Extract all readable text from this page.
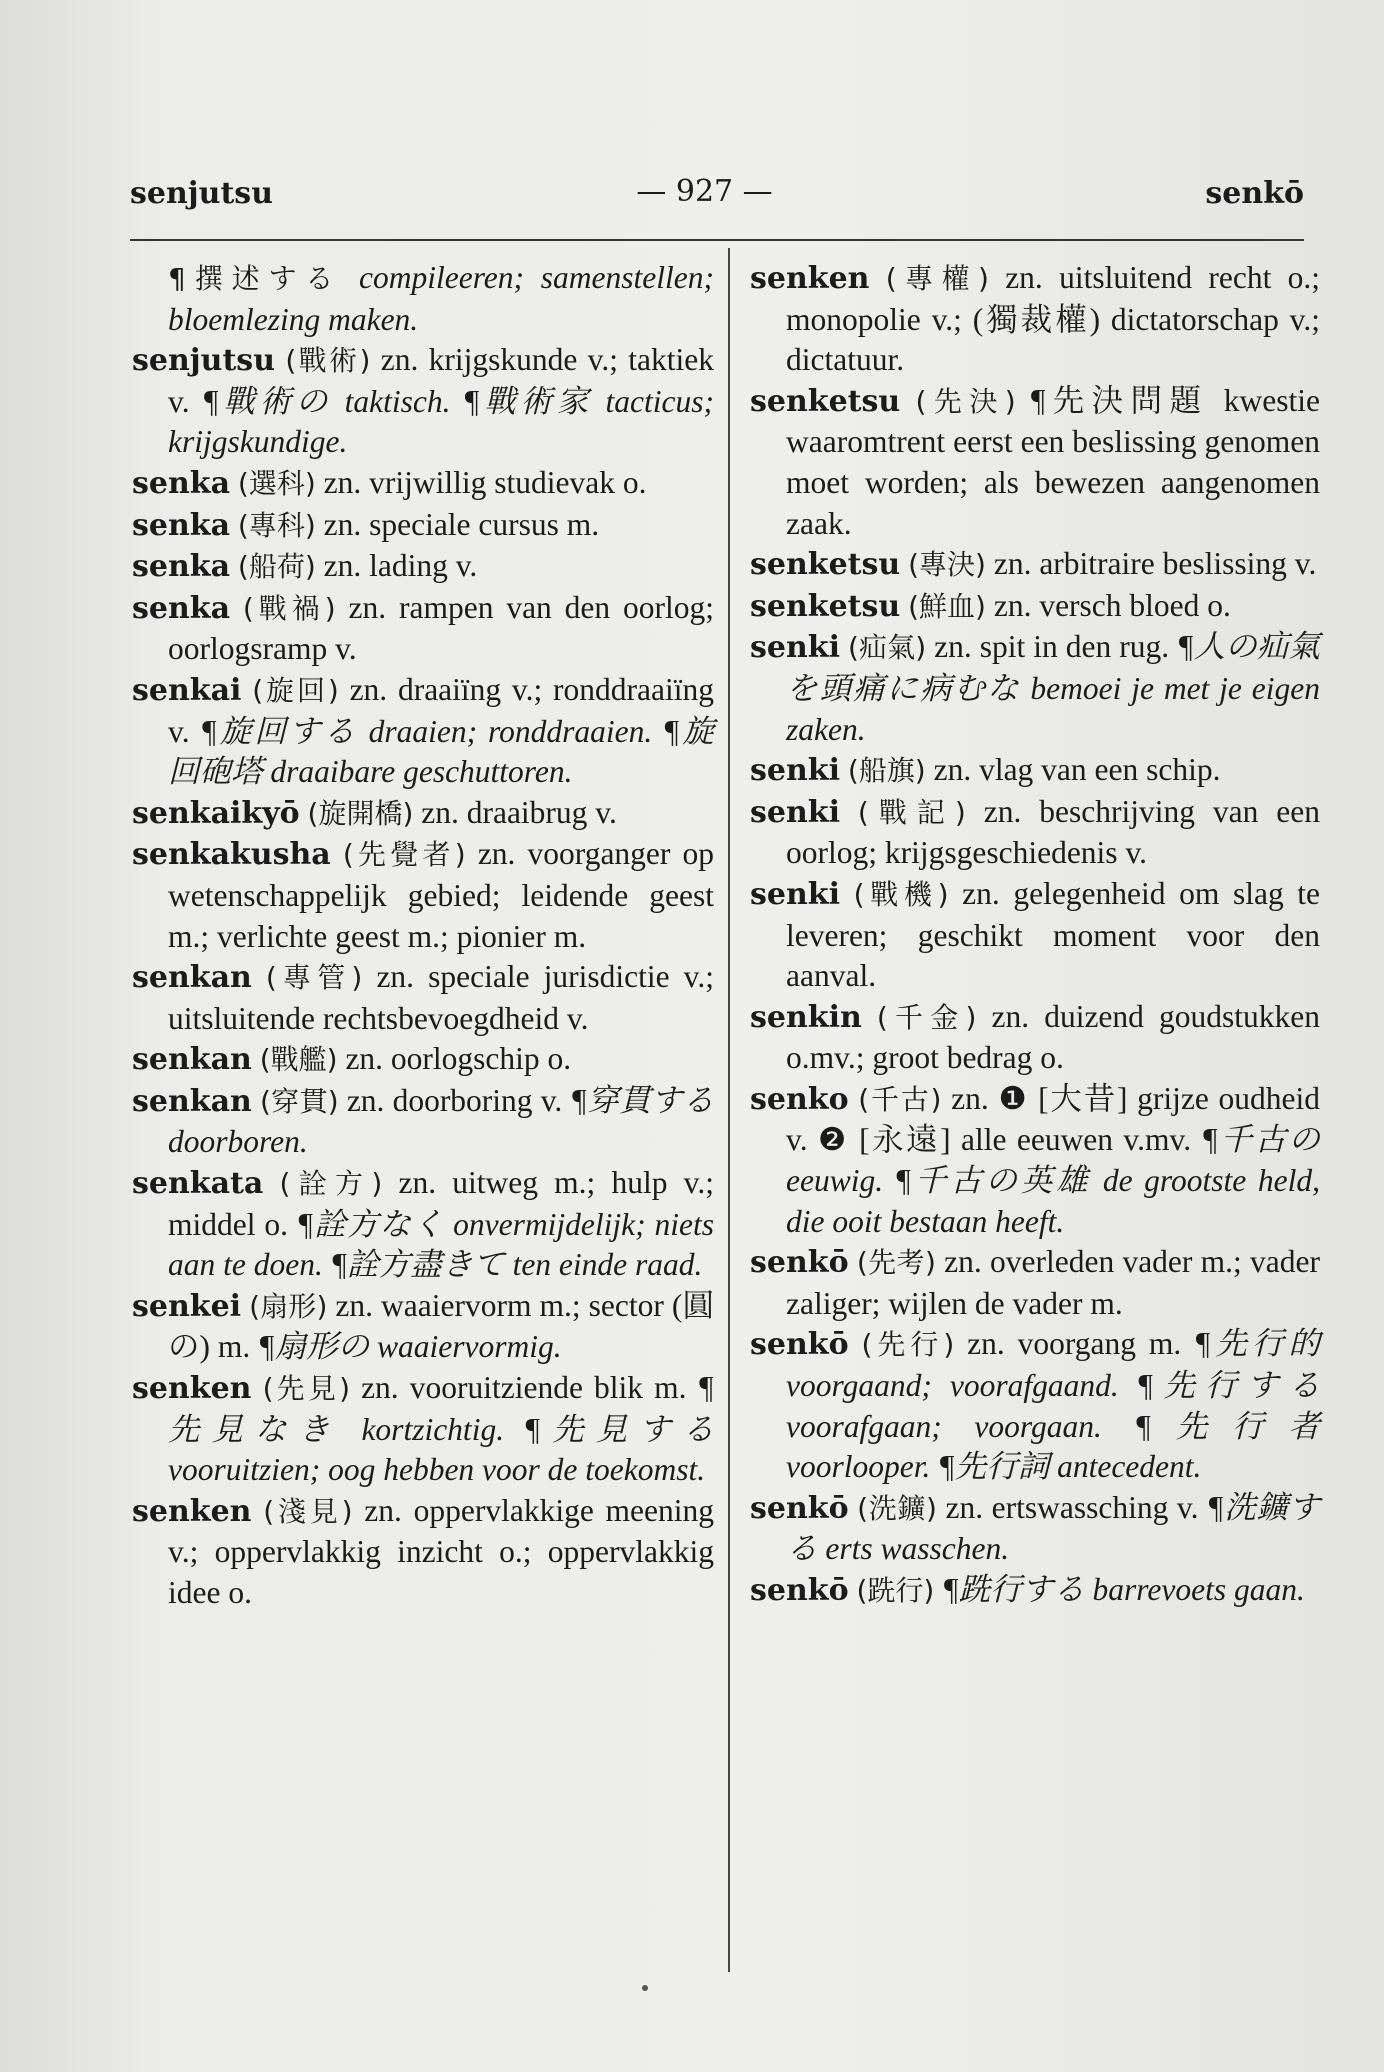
senjutsu	— 927 —	senkō
¶撰述する compileeren; samenstellen; bloemlezing maken.
senjutsu (戰術) zn. krijgskunde v.; taktiek v. ¶戰術の taktisch. ¶戰術家 tacticus; krijgskundige.
senka (選科) zn. vrijwillig studievak o.
senka (專科) zn. speciale cursus m.
senka (船荷) zn. lading v.
senka (戰禍) zn. rampen van den oorlog; oorlogsramp v.
senkai (旋回) zn. draaiïng v.; ronddraaiïng v. ¶旋回する draaien; ronddraaien. ¶旋回砲塔 draaibare geschuttoren.
senkaikyō (旋開橋) zn. draaibrug v.
senkakusha (先覺者) zn. voorganger op wetenschappelijk gebied; leidende geest m.; verlichte geest m.; pionier m.
senkan (專管) zn. speciale jurisdictie v.; uitsluitende rechtsbevoegdheid v.
senkan (戰艦) zn. oorlogschip o.
senkan (穿貫) zn. doorboring v. ¶穿貫する doorboren.
senkata (詮方) zn. uitweg m.; hulp v.; middel o. ¶詮方なく onvermijdelijk; niets aan te doen. ¶詮方盡きて ten einde raad.
senkei (扇形) zn. waaiervorm m.; sector (圓の) m. ¶扇形の waaiervormig.
senken (先見) zn. vooruitziende blik m. ¶先見なき kortzichtig. ¶先見する vooruitzien; oog hebben voor de toekomst.
senken (淺見) zn. oppervlakkige meening v.; oppervlakkig inzicht o.; oppervlakkig idee o.
senken (專權) zn. uitsluitend recht o.; monopolie v.; (獨裁權) dictatorschap v.; dictatuur.
senketsu (先決) ¶先決問題 kwestie waaromtrent eerst een beslissing genomen moet worden; als bewezen aangenomen zaak.
senketsu (專決) zn. arbitraire beslissing v.
senketsu (鮮血) zn. versch bloed o.
senki (疝氣) zn. spit in den rug. ¶人の疝氣を頭痛に病むな bemoei je met je eigen zaken.
senki (船旗) zn. vlag van een schip.
senki (戰記) zn. beschrijving van een oorlog; krijgsgeschiedenis v.
senki (戰機) zn. gelegenheid om slag te leveren; geschikt moment voor den aanval.
senkin (千金) zn. duizend goudstukken o.mv.; groot bedrag o.
senko (千古) zn. ❶ [大昔] grijze oudheid v. ❷ [永遠] alle eeuwen v.mv. ¶千古の eeuwig. ¶千古の英雄 de grootste held, die ooit bestaan heeft.
senkō (先考) zn. overleden vader m.; vader zaliger; wijlen de vader m.
senkō (先行) zn. voorgang m. ¶先行的 voorgaand; voorafgaand. ¶先行する voorafgaan; voorgaan. ¶先行者 voorlooper. ¶先行詞 antecedent.
senkō (洗鑛) zn. ertswassching v. ¶洗鑛する erts wasschen.
senkō (跣行) ¶跣行する barrevoets gaan.
